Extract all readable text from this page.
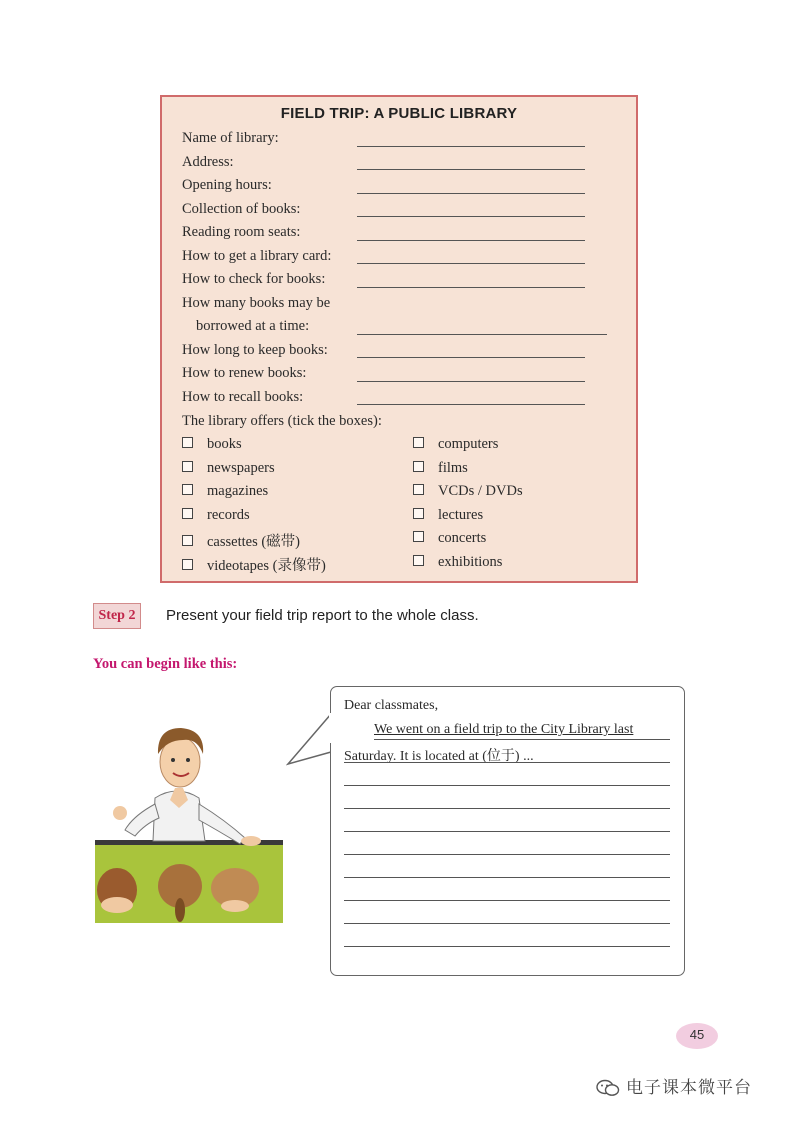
FIELD TRIP: A PUBLIC LIBRARY
Name of library:
Address:
Opening hours:
Collection of books:
Reading room seats:
How to get a library card:
How to check for books:
How many books may be
borrowed at a time:
How long to keep books:
How to renew books:
How to recall books:
The library offers (tick the boxes):
books
newspapers
magazines
records
cassettes (磁带)
videotapes (录像带)
computers
films
VCDs / DVDs
lectures
concerts
exhibitions
Step 2	Present your field trip report to the whole class.
You can begin like this:
Dear classmates,
We went on a field trip to the City Library last
Saturday. It is located at (位于) ...
45
电子课本微平台
